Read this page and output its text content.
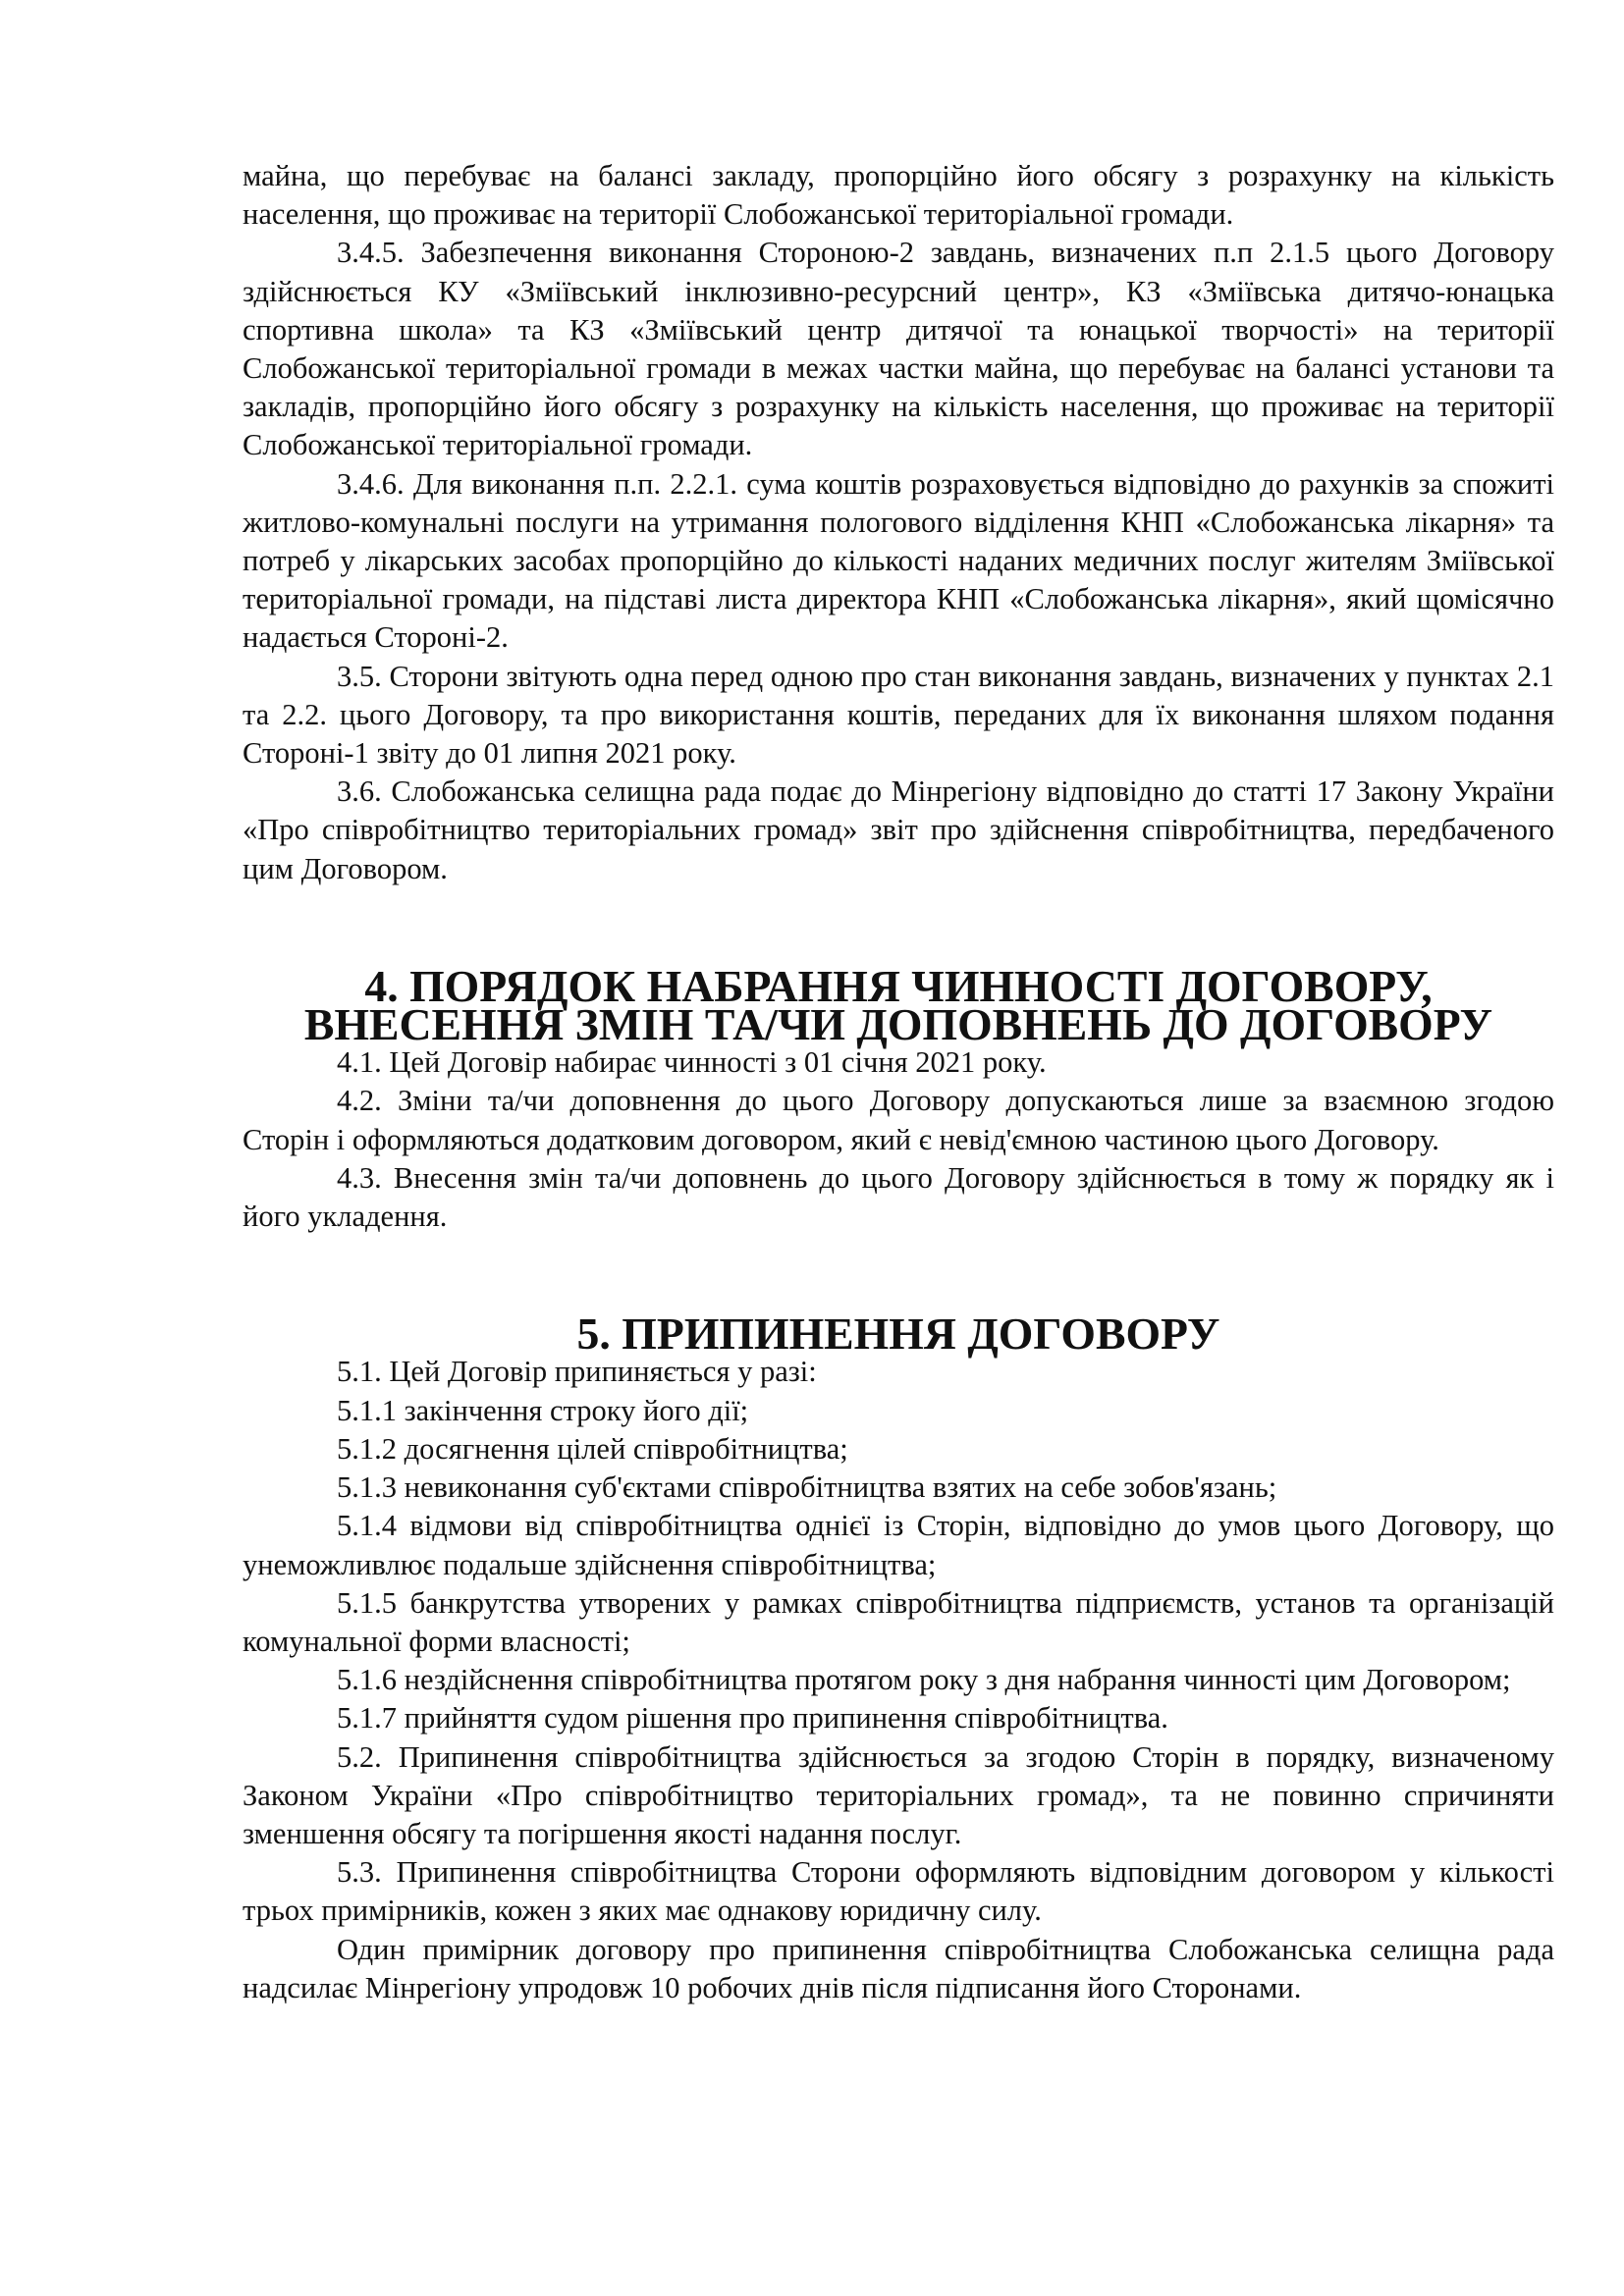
майна, що перебуває на балансі закладу, пропорційно його обсягу з розрахунку на кількість населення, що проживає на території Слобожанської територіальної громади.

3.4.5. Забезпечення виконання Стороною-2 завдань, визначених п.п 2.1.5 цього Договору здійснюється КУ «Зміївський інклюзивно-ресурсний центр», КЗ «Зміївська дитячо-юнацька спортивна школа» та КЗ «Зміївський центр дитячої та юнацької творчості» на території Слобожанської територіальної громади в межах частки майна, що перебуває на балансі установи та закладів, пропорційно його обсягу з розрахунку на кількість населення, що проживає на території Слобожанської територіальної громади.

3.4.6. Для виконання п.п. 2.2.1. сума коштів розраховується відповідно до рахунків за спожиті житлово-комунальні послуги на утримання пологового відділення КНП «Слобожанська лікарня» та потреб у лікарських засобах пропорційно до кількості наданих медичних послуг жителям Зміївської територіальної громади, на підставі листа директора КНП «Слобожанська лікарня», який щомісячно надається Стороні-2.

3.5. Сторони звітують одна перед одною про стан виконання завдань, визначених у пунктах 2.1 та 2.2. цього Договору, та про використання коштів, переданих для їх виконання шляхом подання Стороні-1 звіту до 01 липня 2021 року.

3.6. Слобожанська селищна рада подає до Мінрегіону відповідно до статті 17 Закону України «Про співробітництво територіальних громад» звіт про здійснення співробітництва, передбаченого цим Договором.

4. ПОРЯДОК НАБРАННЯ ЧИННОСТІ ДОГОВОРУ, ВНЕСЕННЯ ЗМІН ТА/ЧИ ДОПОВНЕНЬ ДО ДОГОВОРУ

4.1. Цей Договір набирає чинності з 01 січня 2021 року.

4.2. Зміни та/чи доповнення до цього Договору допускаються лише за взаємною згодою Сторін і оформляються додатковим договором, який є невід'ємною частиною цього Договору.

4.3. Внесення змін та/чи доповнень до цього Договору здійснюється в тому ж порядку як і його укладення.

5. ПРИПИНЕННЯ ДОГОВОРУ

5.1. Цей Договір припиняється у разі:

5.1.1 закінчення строку його дії;

5.1.2 досягнення цілей співробітництва;

5.1.3 невиконання суб'єктами співробітництва взятих на себе зобов'язань;

5.1.4 відмови від співробітництва однієї із Сторін, відповідно до умов цього Договору, що унеможливлює подальше здійснення співробітництва;

5.1.5 банкрутства утворених у рамках співробітництва підприємств, установ та організацій комунальної форми власності;

5.1.6 нездійснення співробітництва протягом року з дня набрання чинності цим Договором;

5.1.7 прийняття судом рішення про припинення співробітництва.

5.2. Припинення співробітництва здійснюється за згодою Сторін в порядку, визначеному Законом України «Про співробітництво територіальних громад», та не повинно спричиняти зменшення обсягу та погіршення якості надання послуг.

5.3. Припинення співробітництва Сторони оформляють відповідним договором у кількості трьох примірників, кожен з яких має однакову юридичну силу.

Один примірник договору про припинення співробітництва Слобожанська селищна рада надсилає Мінрегіону упродовж 10 робочих днів після підписання його Сторонами.
